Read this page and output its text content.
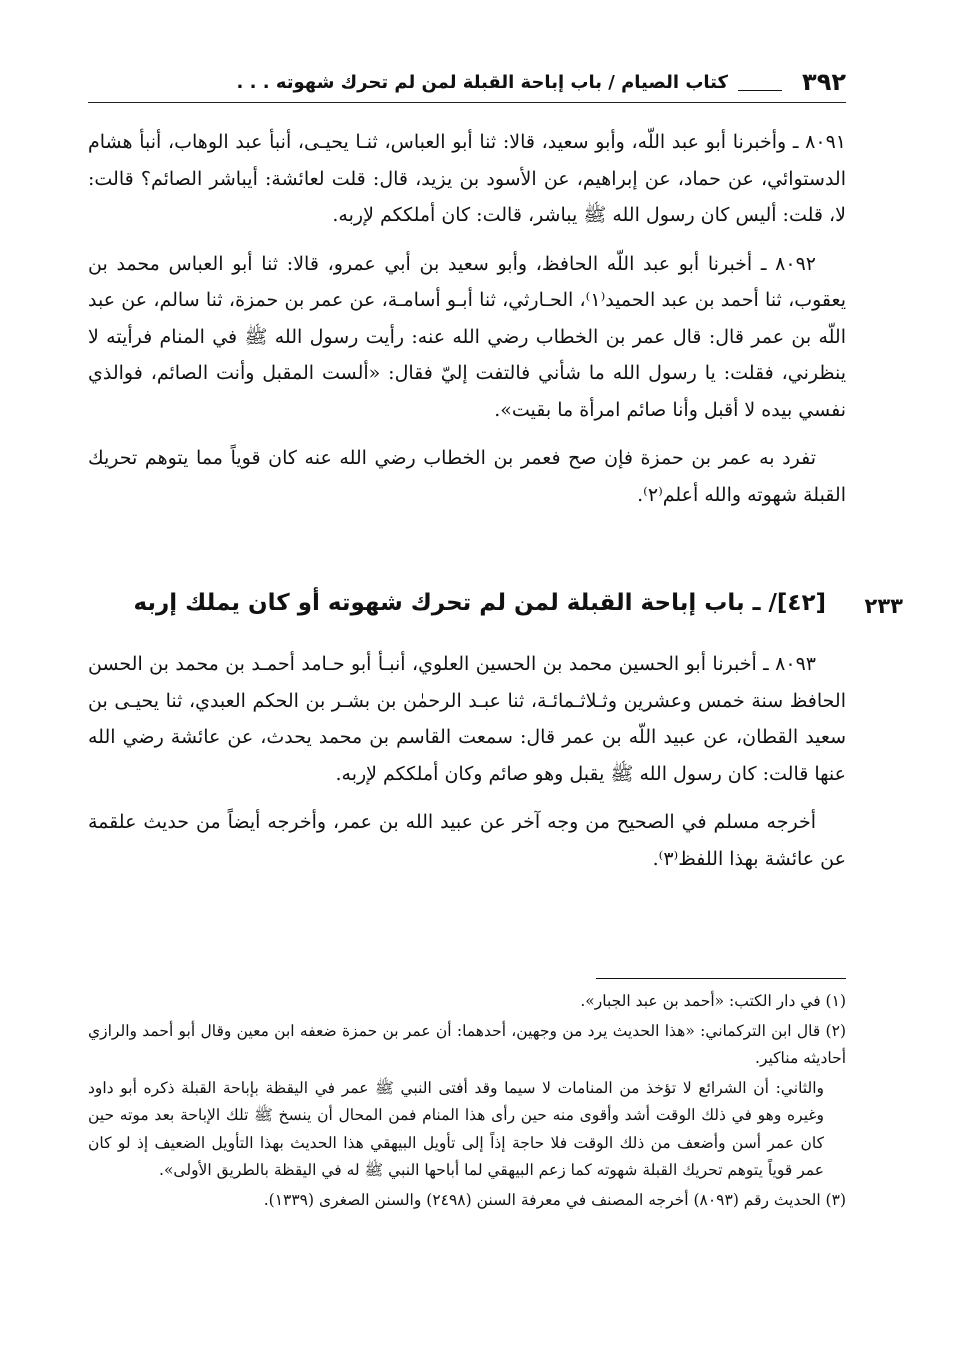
٣٩٢
كتاب الصيام / باب إباحة القبلة لمن لم تحرك شهوته . . .

٨٠٩١ ـ وأخبرنا أبو عبد اللّه، وأبو سعيد، قالا: ثنا أبو العباس، ثنـا يحيـى، أنبأ عبد الوهاب، أنبأ هشام الدستوائي، عن حماد، عن إبراهيم، عن الأسود بن يزيد، قال: قلت لعائشة: أيباشر الصائم؟ قالت: لا، قلت: أليس كان رسول الله ﷺ يباشر، قالت: كان أملككم لإربه.

٨٠٩٢ ـ أخبرنا أبو عبد اللّه الحافظ، وأبو سعيد بن أبي عمرو، قالا: ثنا أبو العباس محمد بن يعقوب، ثنا أحمد بن عبد الحميد⁽١⁾، الحـارثي، ثنا أبـو أسامـة، عن عمر بن حمزة، ثنا سالم، عن عبد اللّه بن عمر قال: قال عمر بن الخطاب رضي الله عنه: رأيت رسول الله ﷺ في المنام فرأيته لا ينظرني، فقلت: يا رسول الله ما شأني فالتفت إليّ فقال: «ألست المقبل وأنت الصائم، فوالذي نفسي بيده لا أقبل وأنا صائم امرأة ما بقيت».

تفرد به عمر بن حمزة فإن صح فعمر بن الخطاب رضي الله عنه كان قوياً مما يتوهم تحريك القبلة شهوته والله أعلم⁽٢⁾.

٢٣٣
[٤٢]/ ـ باب إباحة القبلة لمن لم تحرك شهوته أو كان يملك إربه

٨٠٩٣ ـ أخبرنا أبو الحسين محمد بن الحسين العلوي، أنبـأ أبو حـامد أحمـد بن محمد بن الحسن الحافظ سنة خمس وعشرين وثـلاثـمائـة، ثنا عبـد الرحمٰن بن بشـر بن الحكم العبدي، ثنا يحيـى بن سعيد القطان، عن عبيد اللّه بن عمر قال: سمعت القاسم بن محمد يحدث، عن عائشة رضي الله عنها قالت: كان رسول الله ﷺ يقبل وهو صائم وكان أملككم لإربه.

أخرجه مسلم في الصحيح من وجه آخر عن عبيد الله بن عمر، وأخرجه أيضاً من حديث علقمة عن عائشة بهذا اللفظ⁽٣⁾.

(١) في دار الكتب: «أحمد بن عبد الجبار».

(٢) قال ابن التركماني: «هذا الحديث يرد من وجهين، أحدهما: أن عمر بن حمزة ضعفه ابن معين وقال أبو أحمد والرازي أحاديثه مناكير.

والثاني: أن الشرائع لا تؤخذ من المنامات لا سيما وقد أفتى النبي ﷺ عمر في اليقظة بإباحة القبلة ذكره أبو داود وغيره وهو في ذلك الوقت أشد وأقوى منه حين رأى هذا المنام فمن المحال أن ينسخ ﷺ تلك الإباحة بعد موته حين كان عمر أسن وأضعف من ذلك الوقت فلا حاجة إذاً إلى تأويل البيهقي هذا الحديث بهذا التأويل الضعيف إذ لو كان عمر قوياً يتوهم تحريك القبلة شهوته كما زعم البيهقي لما أباحها النبي ﷺ له في اليقظة بالطريق الأولى».

(٣) الحديث رقم (٨٠٩٣) أخرجه المصنف في معرفة السنن (٢٤٩٨) والسنن الصغرى (١٣٣٩).
